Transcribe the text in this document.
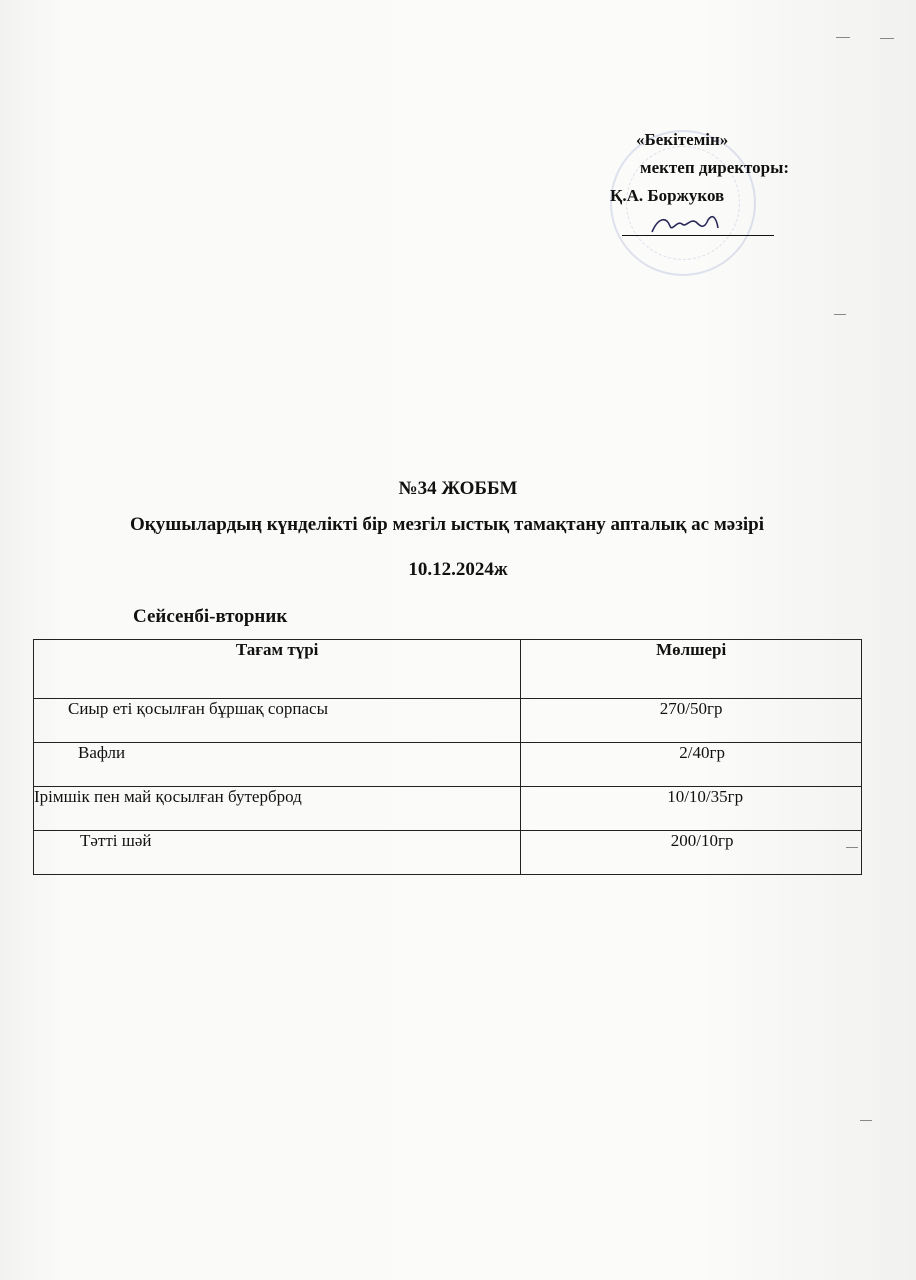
«Бекітемін»
мектеп директоры:
Қ.А. Боржуков
№34 ЖОББМ
Оқушылардың күнделікті бір мезгіл ыстық тамақтану апталық ас мәзірі
10.12.2024ж
Сейсенбі-вторник
Тағам түрі	Мөлшері
Сиыр еті қосылған бұршақ сорпасы	270/50гр
Вафли	2/40гр
Ірімшік пен май қосылған бутерброд	10/10/35гр
Тәтті шәй	200/10гр
